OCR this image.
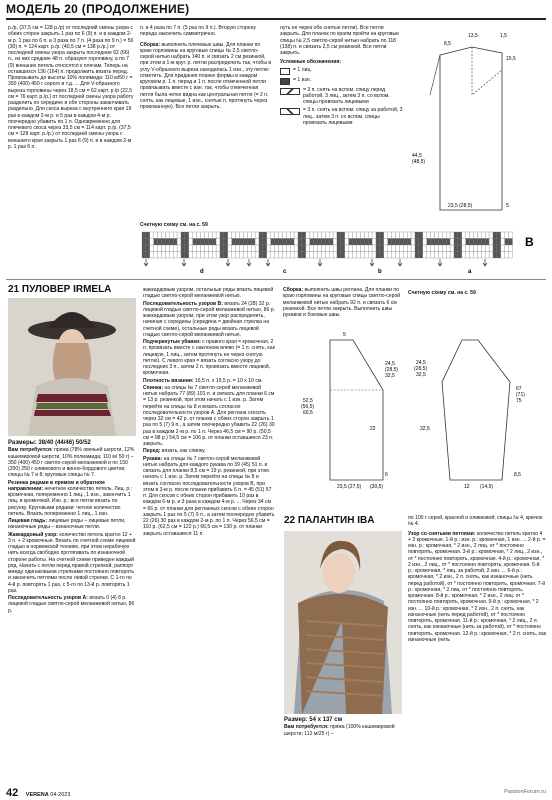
МОДЕЛЬ 20 (ПРОДОЛЖЕНИЕ)

р./р, (37,5 см = 128 р./р) от последний смены узора с обеих сторон закрыть 1 раз по 6 (9) п. и в каждом 2-м р. 1 раз по 6 п. и 3 раза по 7 п. (4 раза по 9 п.) = 56 (30) п. = 124 карт. р./р. (40,5 см = 138 р./р.) от последней смены узора закрыть последние 62 (66) п., из них средние 48 п. образуют горловину, а по 7 (9) внешних петель относятся к плечам. Теперь на оставшихся 136 (164) п. продолжить вязать перед. Провязывать до высоты 10% полимида: 110 м/50 г = 350 (400) 450 г серого и т.д. ... Для V-образного выреза горловины через 18,5 см = 62 карт. р./р (22,5 см = 76 карт. р./р.) от последней смены узора работу разделить по середине и обе стороны заканчивать раздельно. Для скоса выреза с внутреннего края 19 раз в каждом 2-м р. и 5 раз в каждом 4-м р. поочередно убавить по 1 п. Одновременно для плечевого скоса через 33,5 см = 114 карт. р./р. (37,5 см = 128 карт. р./р.) от последней смены узора с внешнего края закрыть 1 раз 6 (9) п. и в каждом 2-м р. 1 раз 6 п.

п. и 4 раза по 7 п. (5 раз по 9 п.). Вторую сторону переда закончить симметрично.

Сборка: выполнить плечевые швы. Для планки по краю горловины на круговые спицы № 2,5 светло-серой нитью набрать 140 п. и связать 2 см резинкой, при этом в 1-м круг. р. петли распределить так, чтобы в углу V-образного выреза находилась 1 изн., эту петлю отметить. Для придания планке формы в каждом круговом р. 1 п. перед и 1 п. после отмеченной петли провязывать вместе с изн. так, чтобы отмеченная петля была четко видна как центральная петля (= 2 п. снять, как лицевые, 1 изн., снятые п. протянуть через провязанную). Все петли закрыть.

нуть ее через обе снятые петли). Все петли закрыть. Для планок по краям пройти на круговые спицы № 2,5 светло-серой нитью набрать по 118 (138) п. и связать 2,5 см резинкой. Все петли закрыть.

Условные обозначения:

= 1 лиц.
= 1 изн.
= 3 п. снять на вспом. спицу перед работой, 3 лиц., затем 3 п. со вспом. спицы провязать лицевыми
= 3 п. снять на вспом. спицу за работой, 3 лиц., затем 3 п. со вспом. спицы провязать лицевыми
8,5
13,5	1,5
15,5
44,5
(48,5)
23,5 (28,5)	5
Счетную схему см. на с. 59
B
d	c	b	a
21 ПУЛОВЕР IRMELA

Размеры: 38/40 (44/46) 50/52

Вам потребуется: пряжа (78% овечьей шерсти, 12% кашемировой шерсти, 10% полиамида; 110 м/ 50 г) – 350 (400) 450 г светло-серой меланжевой и по 150 (200) 250 г оливкового и винно-бордового цветов; спицы № 7 и 8; круговые спицы № 7.

Резинка рядами в прямом и обратном направлении: нечетное количество петель. Лиц. р.: кромочная, попеременно 1 лиц., 1 изн., закончить 1 лиц. и кромочной. Изн. р.: все петли вязать по рисунку. Круговыми рядами: четное количество петель. Вязать попеременно 1 лиц., 1 изн.

Лицевая гладь: лицевые ряды – лицевые петли, изнаночные ряды – изнаночные петли.

Жаккардовый узор: количество петель кратно 12 + 3 п. + 2 кромочные. Вязать по счетной схеме лицевой гладью в норвежской технике, при этом нерабочую нить всегда свободно протягивать по изнаночной стороне работы. На счетной схеме приведен каждый ряд. Начать с петли перед правой стрелкой, раппорт между одинаковыми стрелками постоянно повторять и закончить петлями после левой стрелки. С 1-го по 4-й р. повторять 1 раз, с 5-го по 13-й р. повторять 1 раз.

Последовательность узоров А: вязать 0 (4) 8 р. лицевой гладью светло-серой меланжевой нитью, 86 р.

жаккардовым узором, остальные ряды вязать лицевой гладью светло-серой меланжевой нитью.

Последовательность узоров В: вязать 24 (28) 32 р. лицевой гладью светло-серой меланжевой нитью, 86 р. жаккардовым узором, при этом узор распределить, начиная с середины (середина = двойная стрелка на счетной схеме), остальные ряды вязать лицевой гладью светло-серой меланжевой нитью.

Подчеркнутые убавки: с правого края = кромочная, 2 п. провязать вместе с наклоном влево (= 1 п. снять, как лицевую, 1 лиц., затем протянуть ее через снятую петлю). С левого края = вязать согласно узору до последних 3 п., затем 2 п. провязать вместе лицевой, кромочная.

Плотность вязания: 16,5 п. x 19,5 р. = 10 x 10 см.

Спинка: на спицы № 7 светло-серой меланжевой нитью набрать 77 (89) 101 п. и связать для планки 6 см = 13 р. резинкой, при этом начать с 1 изн. р. Затем перейти на спицы № 8 и вязать согласно последовательности узоров А. Для реглана скосить через 32 см = 42 р. от планки с обеих сторон закрыть 1 раз по 5 (7) 9 п., а затем поочередно убавить 22 (26) 30 раз в каждом 2-м р. по 1 п. Через 46,5 см = 90 р. (50,5 см = 98 р.) 54,5 см = 106 р. от планки оставшиеся 23 п. закрыть.

Перед: вязать, как спинку.

Рукава: на спицы № 7 светло-серой меланжевой нитью набрать для каждого рукава по 39 (45) 51 п. и связать для планки 8,5 см = 19 р. резинкой, при этом начать с 1 изн. р. Затем перейти на спицы № 8 и вязать согласно последовательности узоров В, при этом в 3-м р. после планки прибавить 6 п. = 45 (51) 57 п. Для скосов с обеих сторон прибавить 10 раз в каждом 6-м р. и 3 раза в каждом 4-м р. ... Через 34 см = 66 р. от планки для регланных скосов с обеих сторон закрыть 1 раз по 5 (7) 9 п., а затем поочередно убавить 22 (26) 30 раз в каждом 2-м р. по 1 п. Через 56,5 см = 110 р. (62,5 см = 122 р.) 66,5 см = 130 р. от планки закрыть оставшиеся 11 п.

Сборка: выполнить швы реглана. Для планки по краю горловины на круговые спицы светло-серой меланжевой нитью набрать 92 п. и связать 6 см резинкой. Все петли закрыть. Выполнить швы рукавов и боковые швы.

Счетную схему см. на с. 59
52,5
(56,5)
60,5
24,5
(28,5)
32,5
22
6
23,5 (27,5) (30,5)
5
24,5
(28,5)
32,5
67
(71)
75
32,5
8,5
12 (14,5)
22 ПАЛАНТИН IBA

Размер: 54 x 137 см

Вам потребуется: пряжа (100% кашемировой шерсти; 112 м/25 г) –

по 100 г серой, красной и оливковой; спицы № 4, крючок № 4.

Узор со снятыми петлями: количество петель кратно 4 + 2 кромочные. 1-й р.: изн. р.: кромочная, 1 изн. ... 2-й р. = изн. р.: кромочная, * 2 изн., 2 лиц. от * постоянно повторять, кромочная. 3-й р.: кромочная, * 2 лиц., 2 изн., от * постоянно повторять, кромочная. 4-й р.: кромочная, * 2 изн., 2 лиц., от * постоянно повторять, кромочная. 5-й р.: кромочная, * лиц. за работой, 2 изн. ... 6-й р.: кромочная, * 2 изн., 2 п. снять, как изнаночные (нить перед работой), от * постоянно повторять, кромочная. 7-й р.: кромочная, * 2 лиц. от * постоянно повторять, кромочная. 8-й р.: кромочная, * 2 изн., 2 лиц. от * постоянно повторять, кромочная. 9-й р.: кромочная, * 2 изн. ... 10-й р.: кромочная, * 2 изн., 2 п. снять, как изнаночные (нить перед работой), от * постоянно повторять, кромочная. 11-й р.: кромочная, * 2 лиц., 2 п. снять, как изнаночные (нить за работой), от * постоянно повторять, кромочная. 12-й р.: кромочная, * 2 п. снять, как изнаночные (нить

42 VERENA 04-2023	PassionForum.ru
